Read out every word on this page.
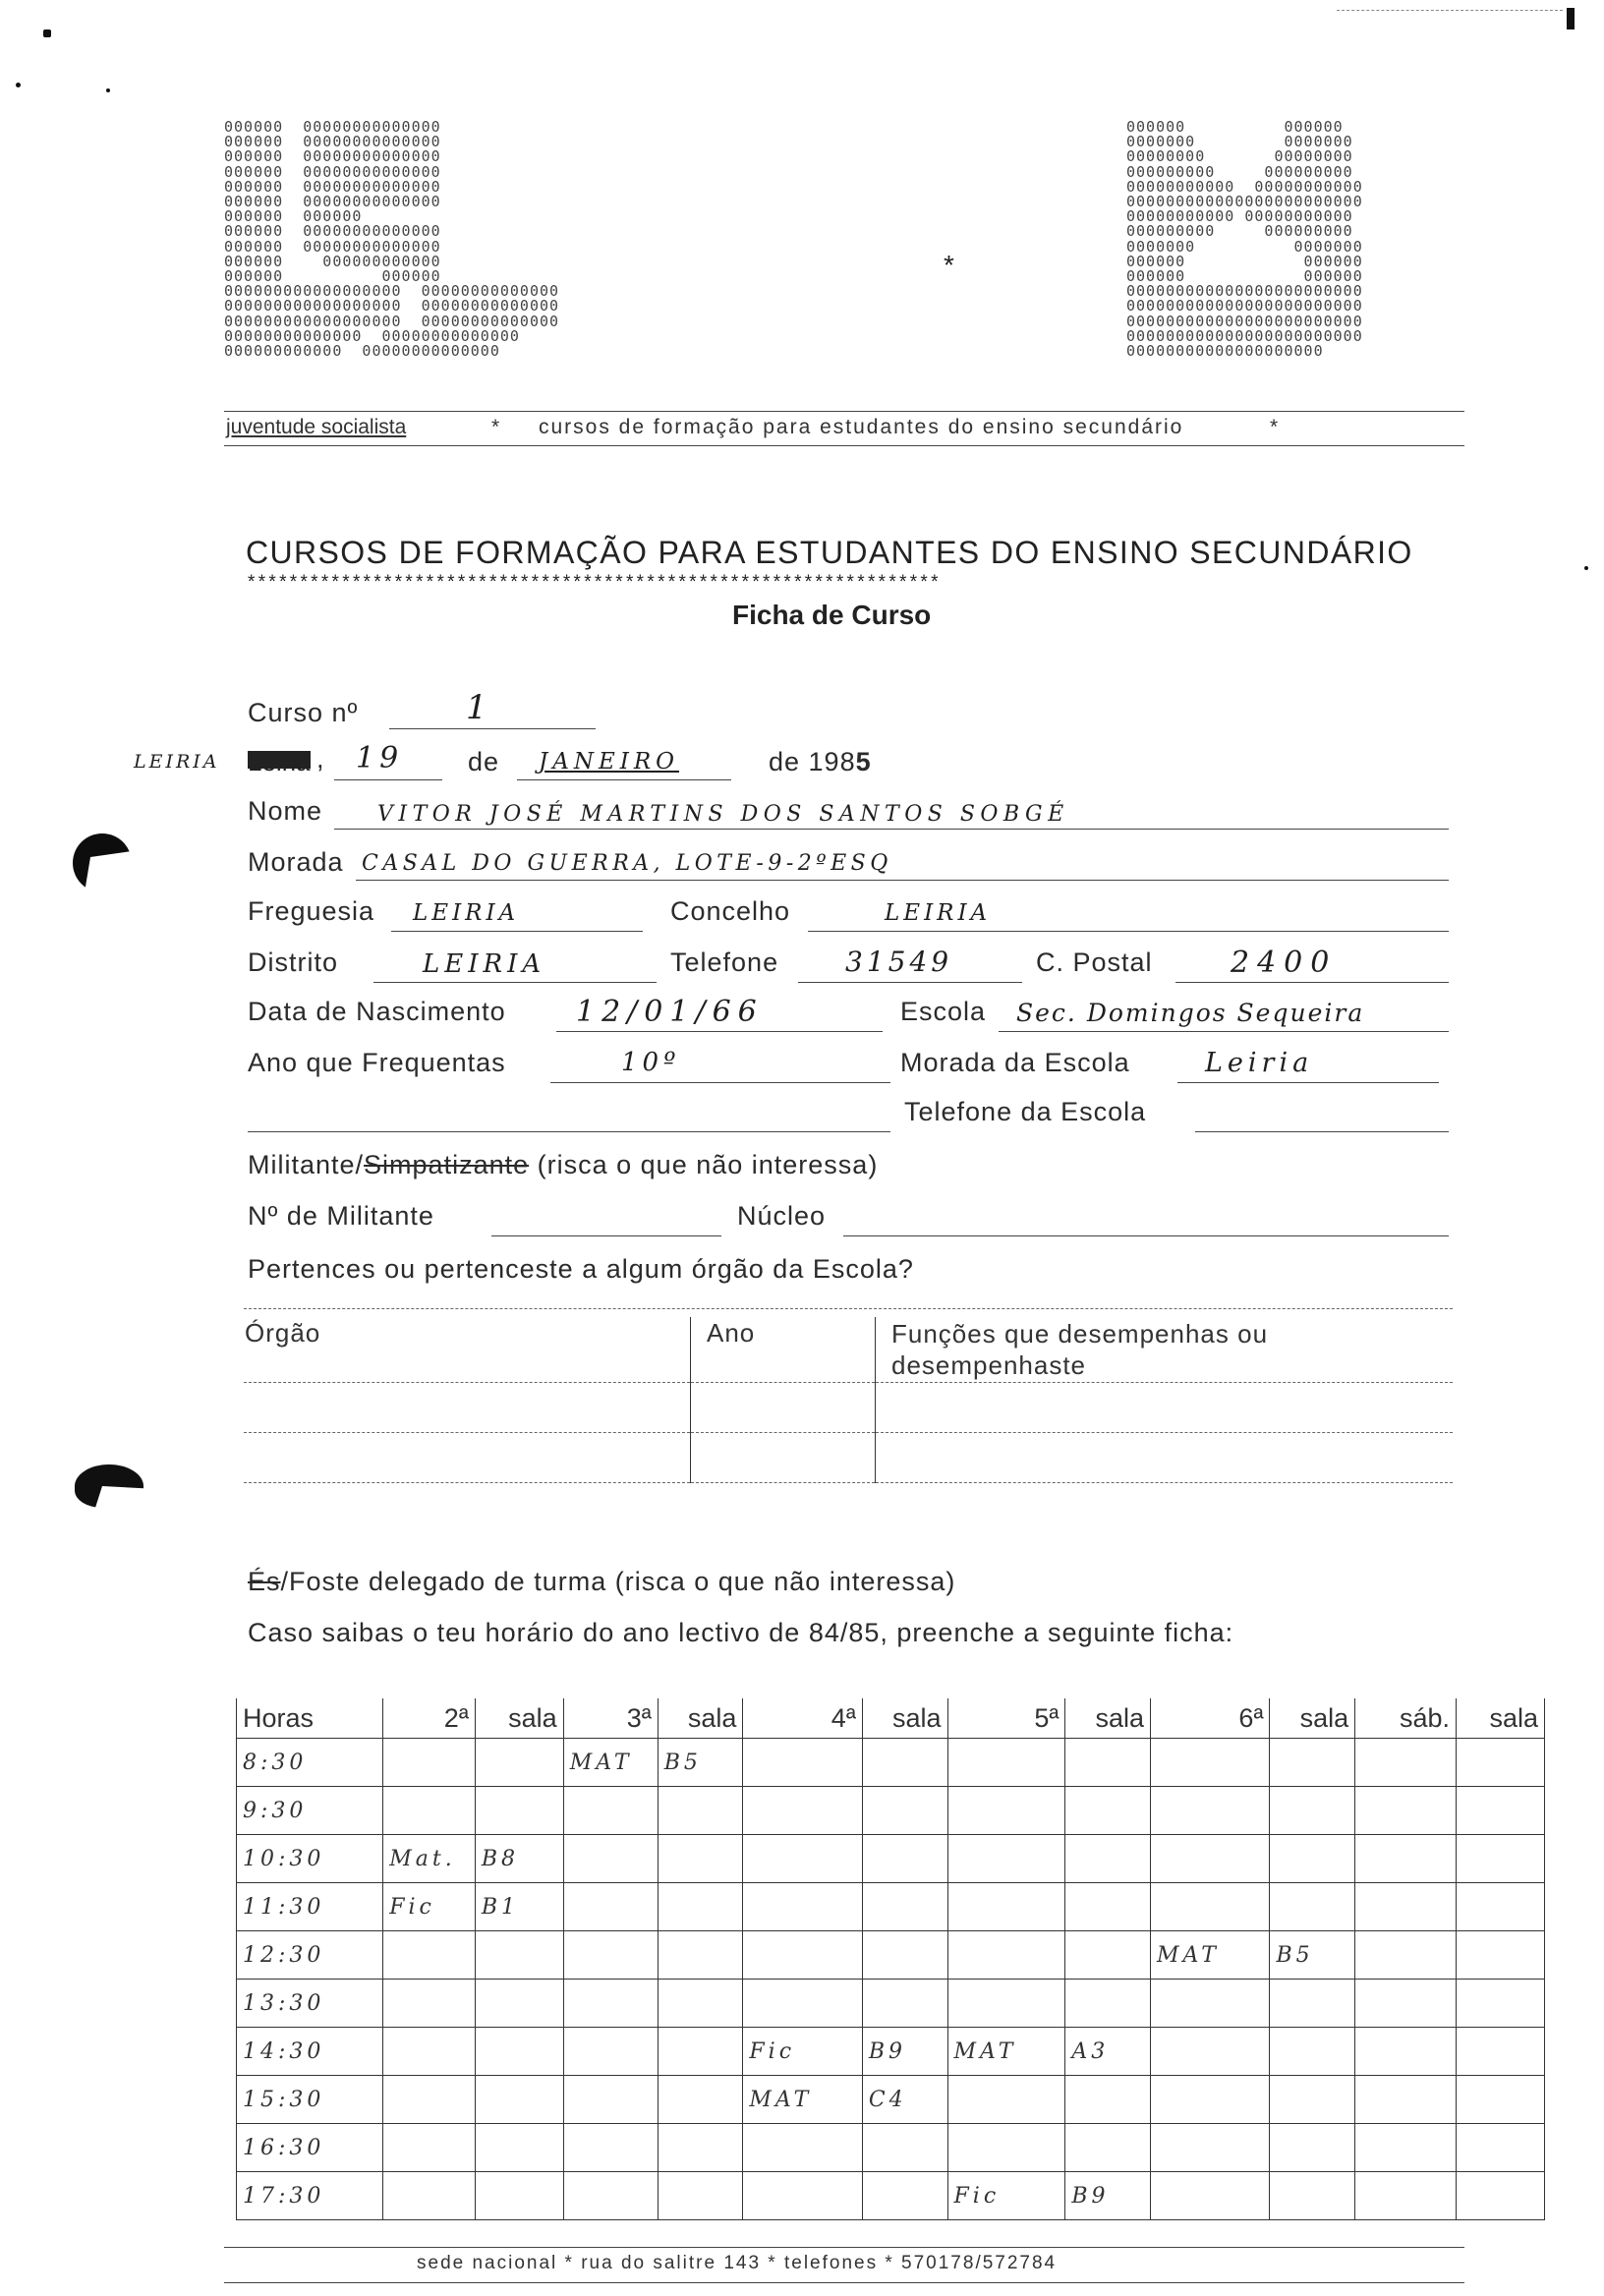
000000  00000000000000
000000  00000000000000
000000  00000000000000
000000  00000000000000
000000  00000000000000
000000  00000000000000
000000  000000
000000  00000000000000
000000  00000000000000
000000    000000000000
000000          000000
000000000000000000  00000000000000
000000000000000000  00000000000000
000000000000000000  00000000000000
00000000000000  00000000000000
000000000000  00000000000000
*
000000          000000
0000000         0000000
00000000       00000000
000000000     000000000
00000000000  00000000000
000000000000000000000000
00000000000 00000000000
000000000     000000000
0000000          0000000
000000            000000
000000            000000
000000000000000000000000
000000000000000000000000
000000000000000000000000
000000000000000000000000
00000000000000000000
juventude socialista	* cursos de formação para estudantes do ensino secundário	*
CURSOS DE FORMAÇÃO PARA ESTUDANTES DO ENSINO SECUNDÁRIO
******************************************************************
Ficha de Curso
Curso nº	1
LEIRIA Leiria , 19 de JANEIRO	de 1985
Nome	VITOR JOSÉ MARTINS DOS SANTOS SOBGÉ
Morada CASAL DO GUERRA, LOTE-9-2ºESQ
Freguesia LEIRIA	Concelho	LEIRIA
Distrito	LEIRIA	Telefone 31549	C. Postal	2400
Data de Nascimento 12/01/66	Escola Sec. Domingos Sequeira
Ano que Frequentas	10º	Morada da Escola	Leiria
Telefone da Escola
Militante/Simpatizante (risca o que não interessa)
Nº de Militante	Núcleo
Pertences ou pertenceste a algum órgão da Escola?
Órgão	Ano	Funções que desempenhas ou desempenhaste

És/Foste delegado de turma (risca o que não interessa)
Caso saibas o teu horário do ano lectivo de 84/85, preenche a seguinte ficha:
Horas	2ª	sala	3ª	sala	4ª	sala	5ª	sala	6ª	sala	sáb.	sala
8:30			MAT	B5								
9:30												
10:30	Mat.	B8										
11:30	Fic	B1										
12:30									MAT	B5		
13:30												
14:30					Fic	B9	MAT	A3				
15:30					MAT	C4						
16:30												
17:30							Fic	B9				
sede nacional * rua do salitre 143 * telefones * 570178/572784
